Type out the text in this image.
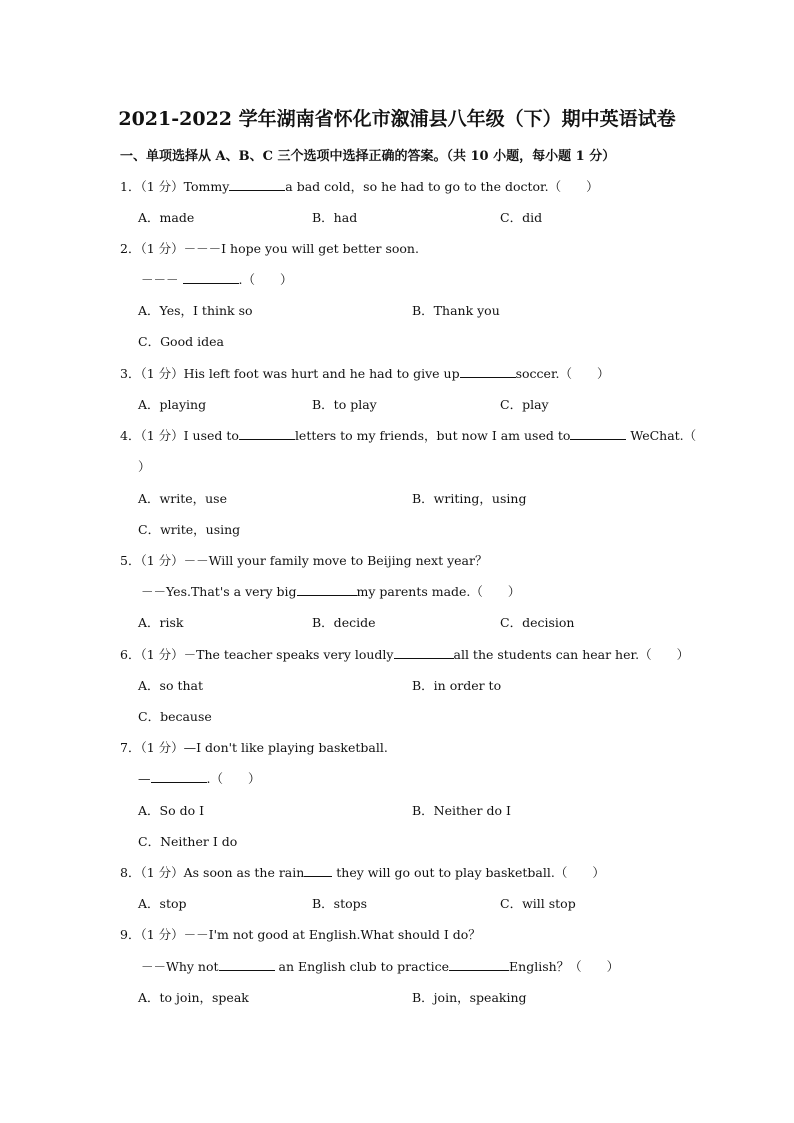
2021-2022 学年湖南省怀化市溆浦县八年级（下）期中英语试卷
一、单项选择从 A、B、C 三个选项中选择正确的答案。（共 10 小题，每小题 1 分）
1．（1 分）Tommy	a bad cold，so he had to go to the doctor.（　　）
A．made	B．had	C．did
2．（1 分）－－－I hope you will get better soon.
－－－	.（　　）
A．Yes，I think so	B．Thank you
C．Good idea
3．（1 分）His left foot was hurt and he had to give up	soccer.（　　）
A．playing	B．to play	C．play
4．（1 分）I used to	letters to my friends，but now I am used to	WeChat.（
）
A．write，use	B．writing，using
C．write，using
5．（1 分）－－Will your family move to Beijing next year？
－－Yes.That's a very big	my parents made.（　　）
A．risk	B．decide	C．decision
6．（1 分）－The teacher speaks very loudly	all the students can hear her.（　　）
A．so that	B．in order to
C．because
7．（1 分）—I don't like playing basketball.
—	.（　　）
A．So do I	B．Neither do I
C．Neither I do
8．（1 分）As soon as the rain they will go out to play basketball.（　　）
A．stop	B．stops	C．will stop
9．（1 分）－－I'm not good at English.What should I do？
－－Why not	an English club to practice	English？（　　）
A．to join，speak	B．join，speaking
